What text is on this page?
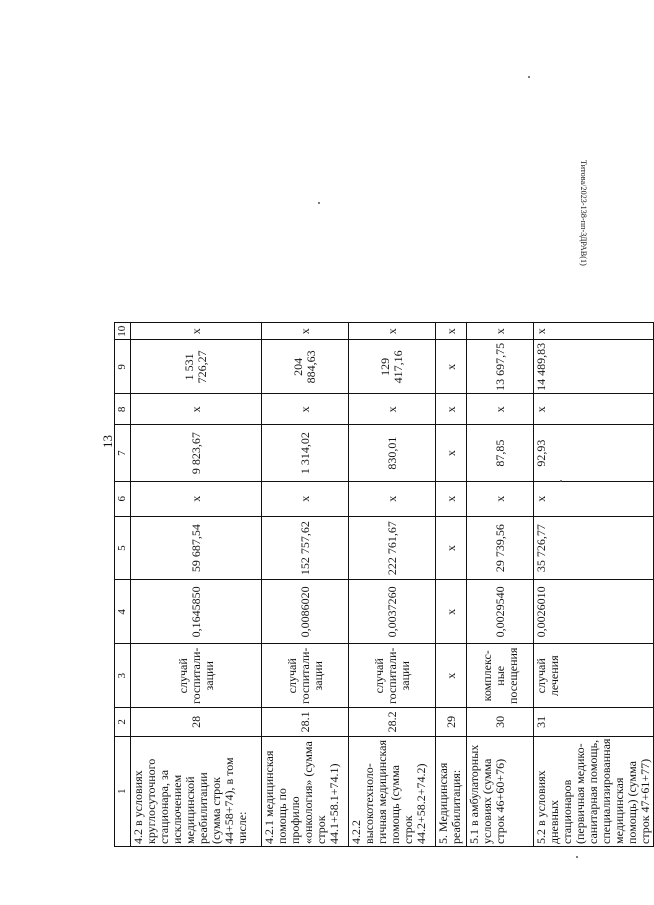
13
Титова/2023-138-пп-ЗДРАВ(1)
1	2	3	4	5	6	7	8	9	10
4.2 в условиях круглосуточного стационара, за исключением медицинской реабилитации (сумма строк 44+58+74), в том числе:	28	случай госпитали-зации	0,1645850	59 687,54	х	9 823,67	х	1 531 726,27	х
4.2.1 медицинская помощь по профилю «онкология» (сумма строк 44.1+58.1+74.1)	28.1	случай госпитали-зации	0,0086020	152 757,62	х	1 314,02	х	204 884,63	х
4.2.2 высокотехноло-гичная медицинская помощь (сумма строк 44.2+58.2+74.2)	28.2	случай госпитали-зации	0,0037260	222 761,67	х	830,01	х	129 417,16	х
5. Медицинская реабилитация:	29	х	х	х	х	х	х	х	х
5.1 в амбулаторных условиях (сумма строк 46+60+76)	30	комплекс-ные посещения	0,0029540	29 739,56	х	87,85	х	13 697,75	х
5.2 в условиях дневных стационаров (первичная медико-санитарная помощь, специализированная медицинская помощь) (сумма строк 47+61+77)	31	случай лечения	0,0026010	35 726,77	х	92,93	х	14 489,83	х
